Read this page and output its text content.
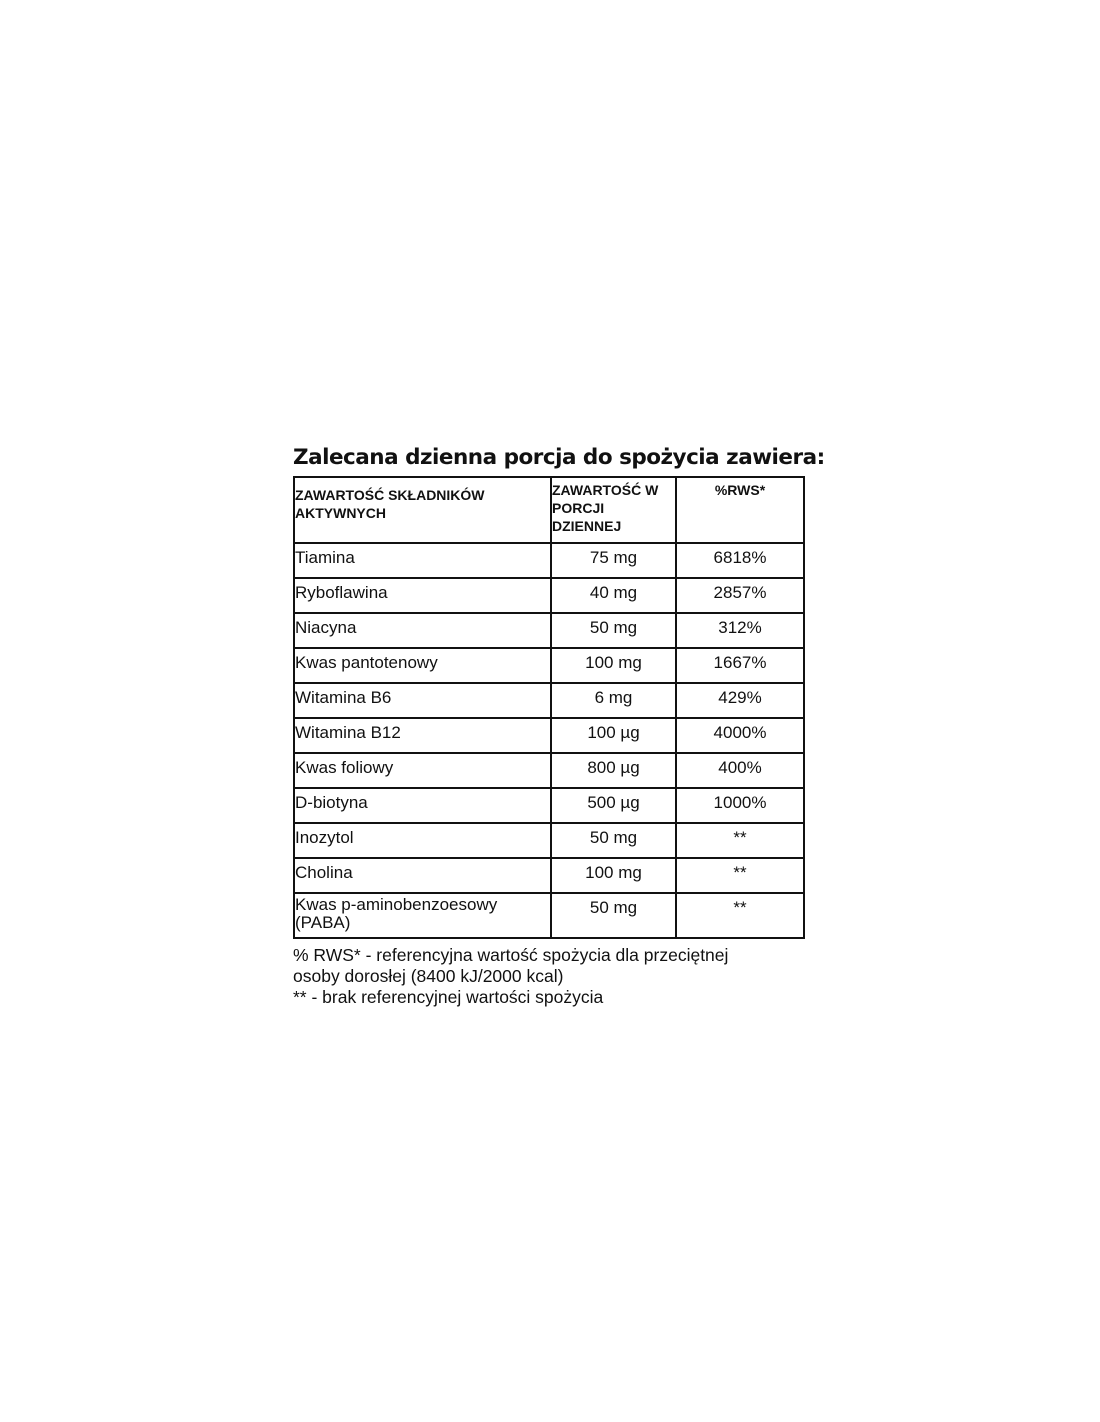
Zalecana dzienna porcja do spożycia zawiera:
ZAWARTOŚĆ SKŁADNIKÓW AKTYWNYCH	ZAWARTOŚĆ W PORCJI DZIENNEJ	%RWS*
Tiamina	75 mg	6818%
Ryboflawina	40 mg	2857%
Niacyna	50 mg	312%
Kwas pantotenowy	100 mg	1667%
Witamina B6	6 mg	429%
Witamina B12	100 µg	4000%
Kwas foliowy	800 µg	400%
D-biotyna	500 µg	1000%
Inozytol	50 mg	**
Cholina	100 mg	**
Kwas p-aminobenzoesowy (PABA)	50 mg	**
% RWS* - referencyjna wartość spożycia dla przeciętnej
osoby dorosłej (8400 kJ/2000 kcal)
** - brak referencyjnej wartości spożycia
